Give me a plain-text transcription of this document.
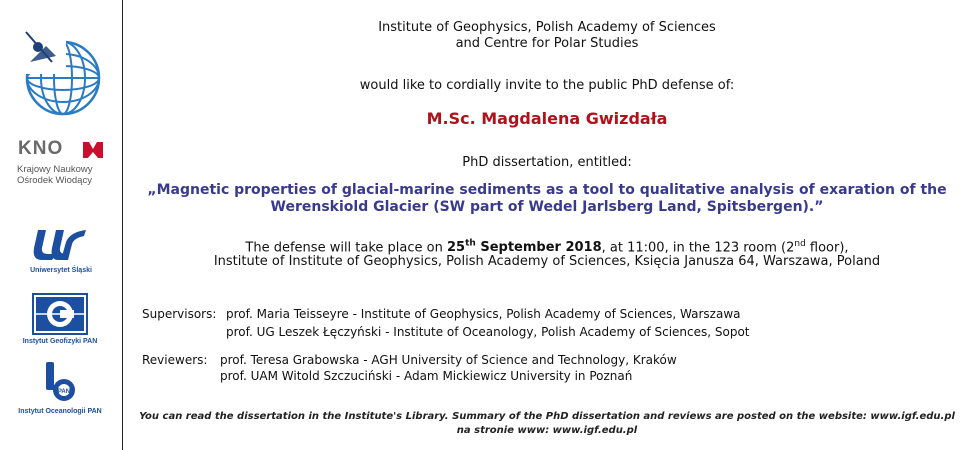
KNO
Krajowy Naukowy
Ośrodek Wiodący
Uniwersytet Śląski
Instytut Geofizyki PAN
PAN
Instytut Oceanologii PAN
Institute of Geophysics, Polish Academy of Sciences
and Centre for Polar Studies
would like to cordially invite to the public PhD defense of:
M.Sc. Magdalena Gwizdała
PhD dissertation, entitled:
„Magnetic properties of glacial-marine sediments as a tool to qualitative analysis of exaration of the
Werenskiold Glacier (SW part of Wedel Jarlsberg Land, Spitsbergen).”
The defense will take place on 25th September 2018, at 11:00, in the 123 room (2nd floor),
Institute of Institute of Geophysics, Polish Academy of Sciences, Księcia Janusza 64, Warszawa, Poland
Supervisors: prof. Maria Teisseyre - Institute of Geophysics, Polish Academy of Sciences, Warszawa
prof. UG Leszek Łęczyński - Institute of Oceanology, Polish Academy of Sciences, Sopot
Reviewers: prof. Teresa Grabowska - AGH University of Science and Technology, Kraków
prof. UAM Witold Szczuciński - Adam Mickiewicz University in Poznań
You can read the dissertation in the Institute's Library. Summary of the PhD dissertation and reviews are posted on the website: www.igf.edu.pl
na stronie www: www.igf.edu.pl
